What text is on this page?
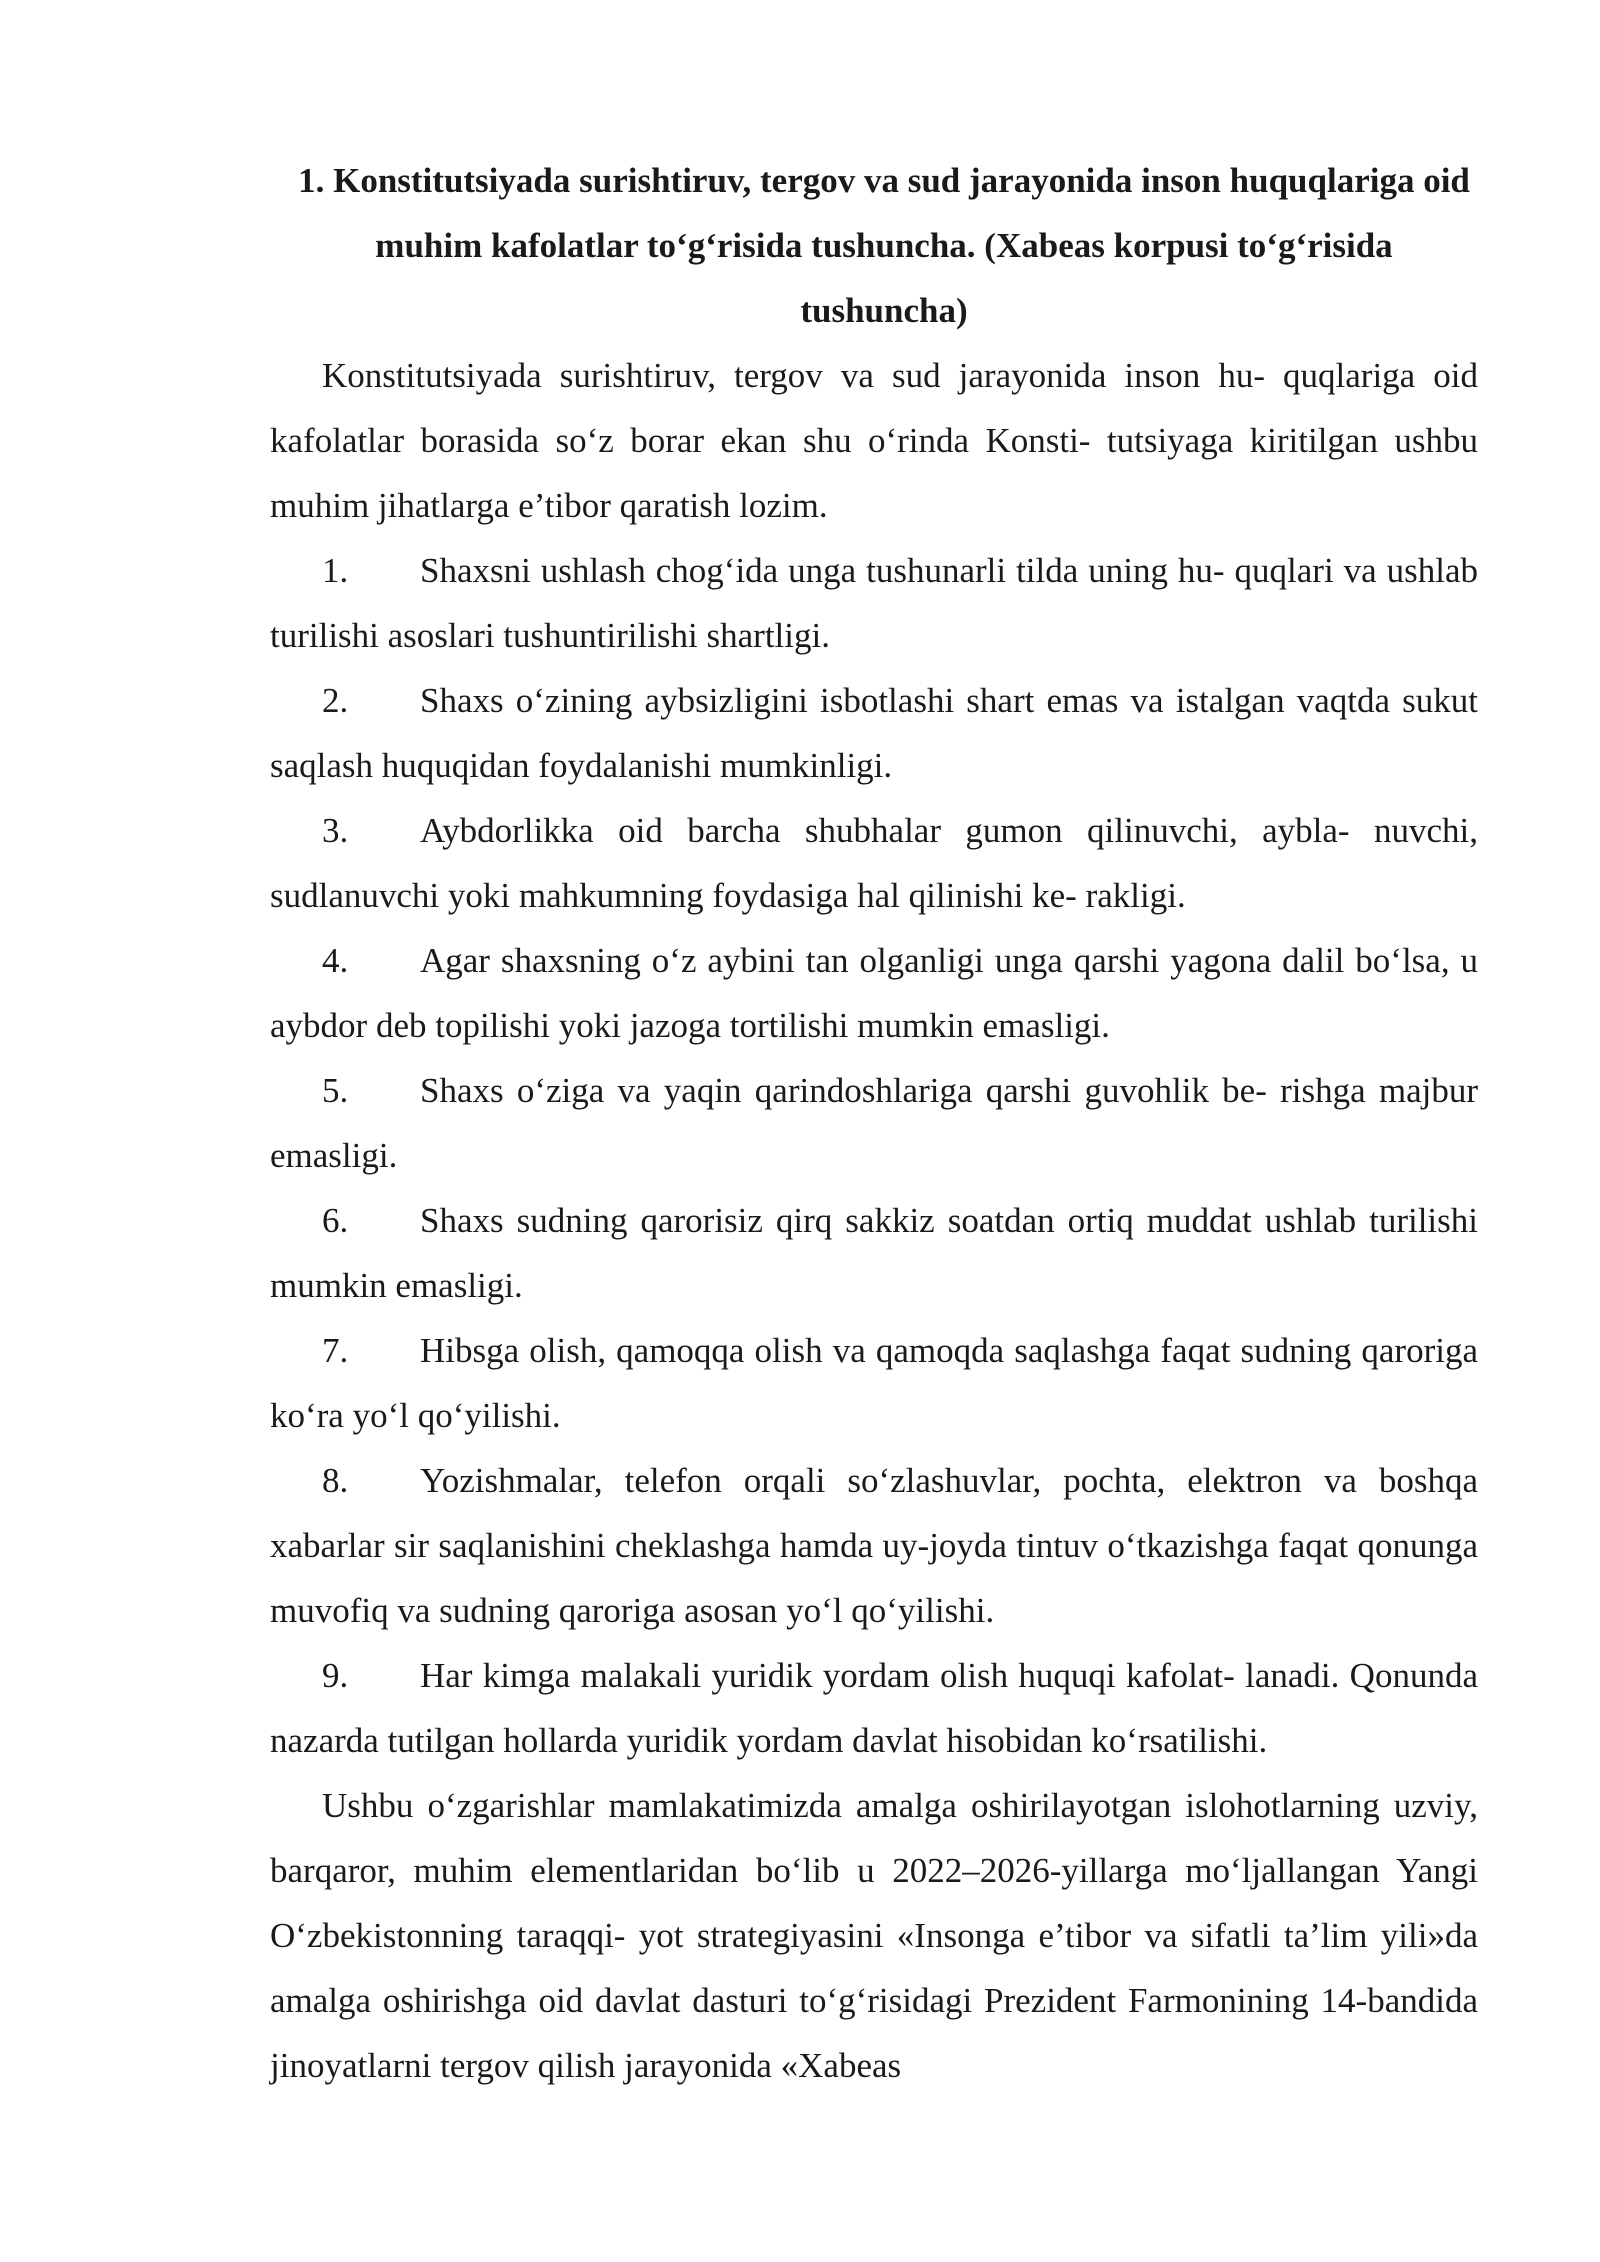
1. Konstitutsiyada surishtiruv, tergov va sud jarayonida inson huquqlariga oid muhim kafolatlar to‘g‘risida tushuncha. (Xabeas korpusi to‘g‘risida tushuncha)

Konstitutsiyada surishtiruv, tergov va sud jarayonida inson hu- quqlariga oid kafolatlar borasida so‘z borar ekan shu o‘rinda Konsti- tutsiyaga kiritilgan ushbu muhim jihatlarga e’tibor qaratish lozim.

1. Shaxsni ushlash chog‘ida unga tushunarli tilda uning hu- quqlari va ushlab turilishi asoslari tushuntirilishi shartligi.

2. Shaxs o‘zining aybsizligini isbotlashi shart emas va istalgan vaqtda sukut saqlash huquqidan foydalanishi mumkinligi.

3. Aybdorlikka oid barcha shubhalar gumon qilinuvchi, aybla- nuvchi, sudlanuvchi yoki mahkumning foydasiga hal qilinishi ke- rakligi.

4. Agar shaxsning o‘z aybini tan olganligi unga qarshi yagona dalil bo‘lsa, u aybdor deb topilishi yoki jazoga tortilishi mumkin emasligi.

5. Shaxs o‘ziga va yaqin qarindoshlariga qarshi guvohlik be- rishga majbur emasligi.

6. Shaxs sudning qarorisiz qirq sakkiz soatdan ortiq muddat ushlab turilishi mumkin emasligi.

7. Hibsga olish, qamoqqa olish va qamoqda saqlashga faqat sudning qaroriga ko‘ra yo‘l qo‘yilishi.

8. Yozishmalar, telefon orqali so‘zlashuvlar, pochta, elektron va boshqa xabarlar sir saqlanishini cheklashga hamda uy-joyda tintuv o‘tkazishga faqat qonunga muvofiq va sudning qaroriga asosan yo‘l qo‘yilishi.

9. Har kimga malakali yuridik yordam olish huquqi kafolat- lanadi. Qonunda nazarda tutilgan hollarda yuridik yordam davlat hisobidan ko‘rsatilishi.

Ushbu o‘zgarishlar mamlakatimizda amalga oshirilayotgan islohotlarning uzviy, barqaror, muhim elementlaridan bo‘lib u 2022–2026-yillarga mo‘ljallangan Yangi O‘zbekistonning taraqqi- yot strategiyasini «Insonga e’tibor va sifatli ta’lim yili»da amalga oshirishga oid davlat dasturi to‘g‘risidagi Prezident Farmonining 14-bandida jinoyatlarni tergov qilish jarayonida «Xabeas
